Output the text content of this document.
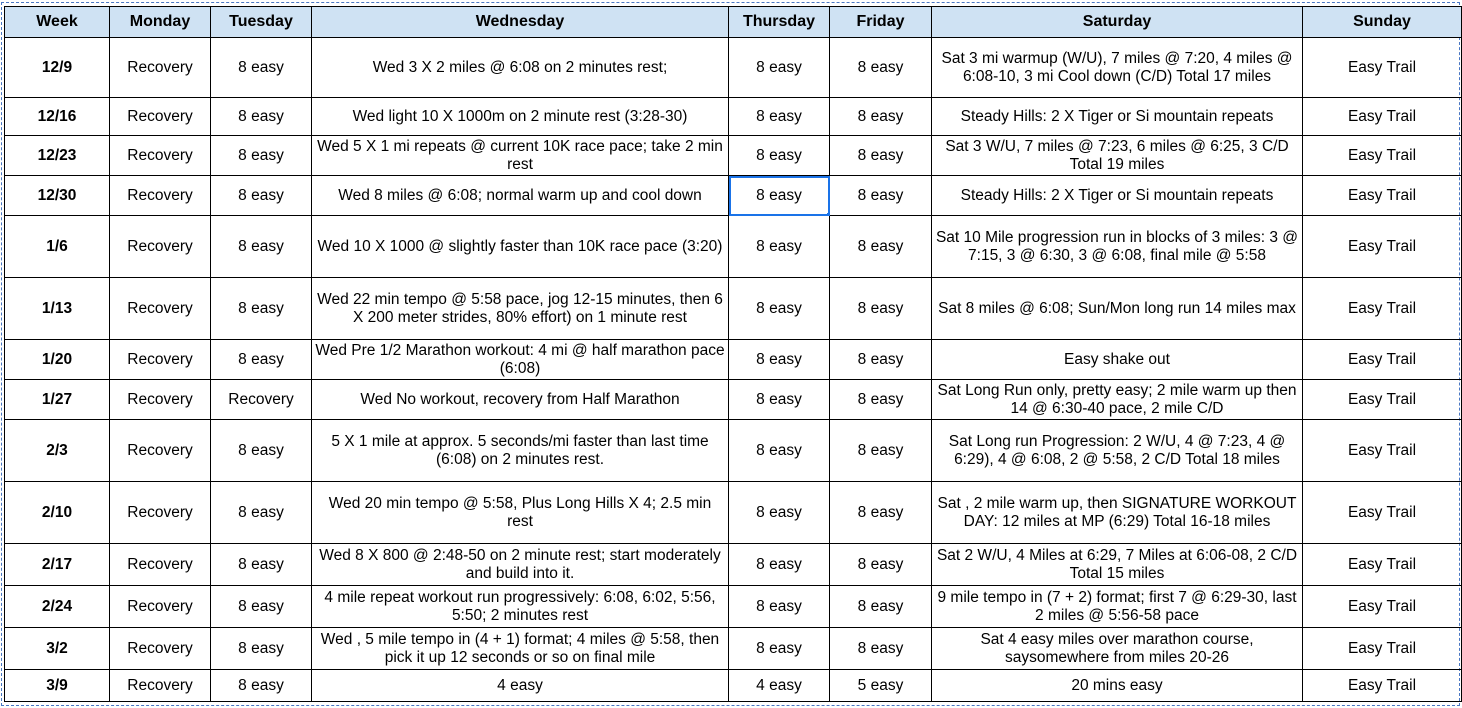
Week	Monday	Tuesday	Wednesday	Thursday	Friday	Saturday	Sunday
12/9	Recovery	8 easy	Wed 3 X 2 miles @ 6:08 on 2 minutes rest;	8 easy	8 easy	Sat 3 mi warmup (W/U), 7 miles @ 7:20, 4 miles @ 6:08-10, 3 mi Cool down (C/D) Total 17 miles	Easy Trail
12/16	Recovery	8 easy	Wed light 10 X 1000m on 2 minute rest (3:28-30)	8 easy	8 easy	Steady Hills: 2 X Tiger or Si mountain repeats	Easy Trail
12/23	Recovery	8 easy	Wed 5 X 1 mi repeats @ current 10K race pace; take 2 min rest	8 easy	8 easy	Sat 3 W/U, 7 miles @ 7:23, 6 miles @ 6:25, 3 C/D Total 19 miles	Easy Trail
12/30	Recovery	8 easy	Wed 8 miles @ 6:08; normal warm up and cool down	8 easy	8 easy	Steady Hills: 2 X Tiger or Si mountain repeats	Easy Trail
1/6	Recovery	8 easy	Wed 10 X 1000 @ slightly faster than 10K race pace (3:20)	8 easy	8 easy	Sat 10 Mile progression run in blocks of 3 miles: 3 @ 7:15, 3 @ 6:30, 3 @ 6:08, final mile @ 5:58	Easy Trail
1/13	Recovery	8 easy	Wed 22 min tempo @ 5:58 pace, jog 12-15 minutes, then 6 X 200 meter strides, 80% effort) on 1 minute rest	8 easy	8 easy	Sat 8 miles @ 6:08; Sun/Mon long run 14 miles max	Easy Trail
1/20	Recovery	8 easy	Wed Pre 1/2 Marathon workout: 4 mi @ half marathon pace (6:08)	8 easy	8 easy	Easy shake out	Easy Trail
1/27	Recovery	Recovery	Wed No workout, recovery from Half Marathon	8 easy	8 easy	Sat Long Run only, pretty easy; 2 mile warm up then 14 @ 6:30-40 pace, 2 mile C/D	Easy Trail
2/3	Recovery	8 easy	5 X 1 mile at approx. 5 seconds/mi faster than last time (6:08) on 2 minutes rest.	8 easy	8 easy	Sat Long run Progression: 2 W/U, 4 @ 7:23, 4 @ 6:29), 4 @ 6:08, 2 @ 5:58, 2 C/D Total 18 miles	Easy Trail
2/10	Recovery	8 easy	Wed 20 min tempo @ 5:58, Plus Long Hills X 4; 2.5 min rest	8 easy	8 easy	Sat , 2 mile warm up, then SIGNATURE WORKOUT DAY: 12 miles at MP (6:29) Total 16-18 miles	Easy Trail
2/17	Recovery	8 easy	Wed 8 X 800 @ 2:48-50 on 2 minute rest; start moderately and build into it.	8 easy	8 easy	Sat 2 W/U, 4 Miles at 6:29, 7 Miles at 6:06-08, 2 C/D Total 15 miles	Easy Trail
2/24	Recovery	8 easy	4 mile repeat workout run progressively: 6:08, 6:02, 5:56, 5:50; 2 minutes rest	8 easy	8 easy	9 mile tempo in (7 + 2) format; first 7 @ 6:29-30, last 2 miles @ 5:56-58 pace	Easy Trail
3/2	Recovery	8 easy	Wed , 5 mile tempo in (4 + 1) format; 4 miles @ 5:58, then pick it up 12 seconds or so on final mile	8 easy	8 easy	Sat 4 easy miles over marathon course, saysomewhere from miles 20-26	Easy Trail
3/9	Recovery	8 easy	4 easy	4 easy	5 easy	20 mins easy	Easy Trail
